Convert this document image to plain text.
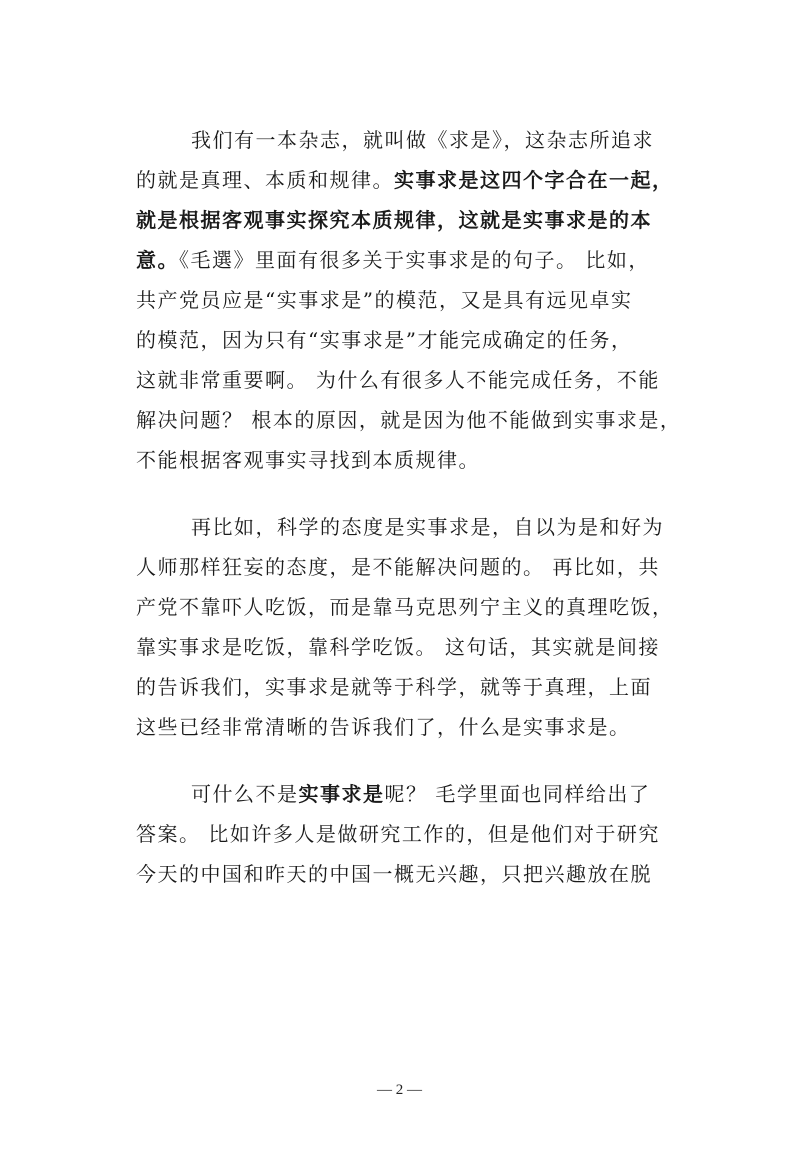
我们有一本杂志，就叫做《求是》，这杂志所追求
的就是真理、本质和规律。实事求是这四个字合在一起，
就是根据客观事实探究本质规律，这就是实事求是的本
意。《毛選》里面有很多关于实事求是的句子。 比如，
共产党员应是“实事求是”的模范，又是具有远见卓实
的模范，因为只有“实事求是”才能完成确定的任务，
这就非常重要啊。 为什么有很多人不能完成任务，不能
解决问题？ 根本的原因，就是因为他不能做到实事求是，
不能根据客观事实寻找到本质规律。
再比如，科学的态度是实事求是，自以为是和好为
人师那样狂妄的态度，是不能解决问题的。 再比如，共
产党不靠吓人吃饭，而是靠马克思列宁主义的真理吃饭，
靠实事求是吃饭，靠科学吃饭。 这句话，其实就是间接
的告诉我们，实事求是就等于科学，就等于真理，上面
这些已经非常清晰的告诉我们了，什么是实事求是。
可什么不是实事求是呢？ 毛学里面也同样给出了
答案。 比如许多人是做研究工作的，但是他们对于研究
今天的中国和昨天的中国一概无兴趣，只把兴趣放在脱
— 2 —
